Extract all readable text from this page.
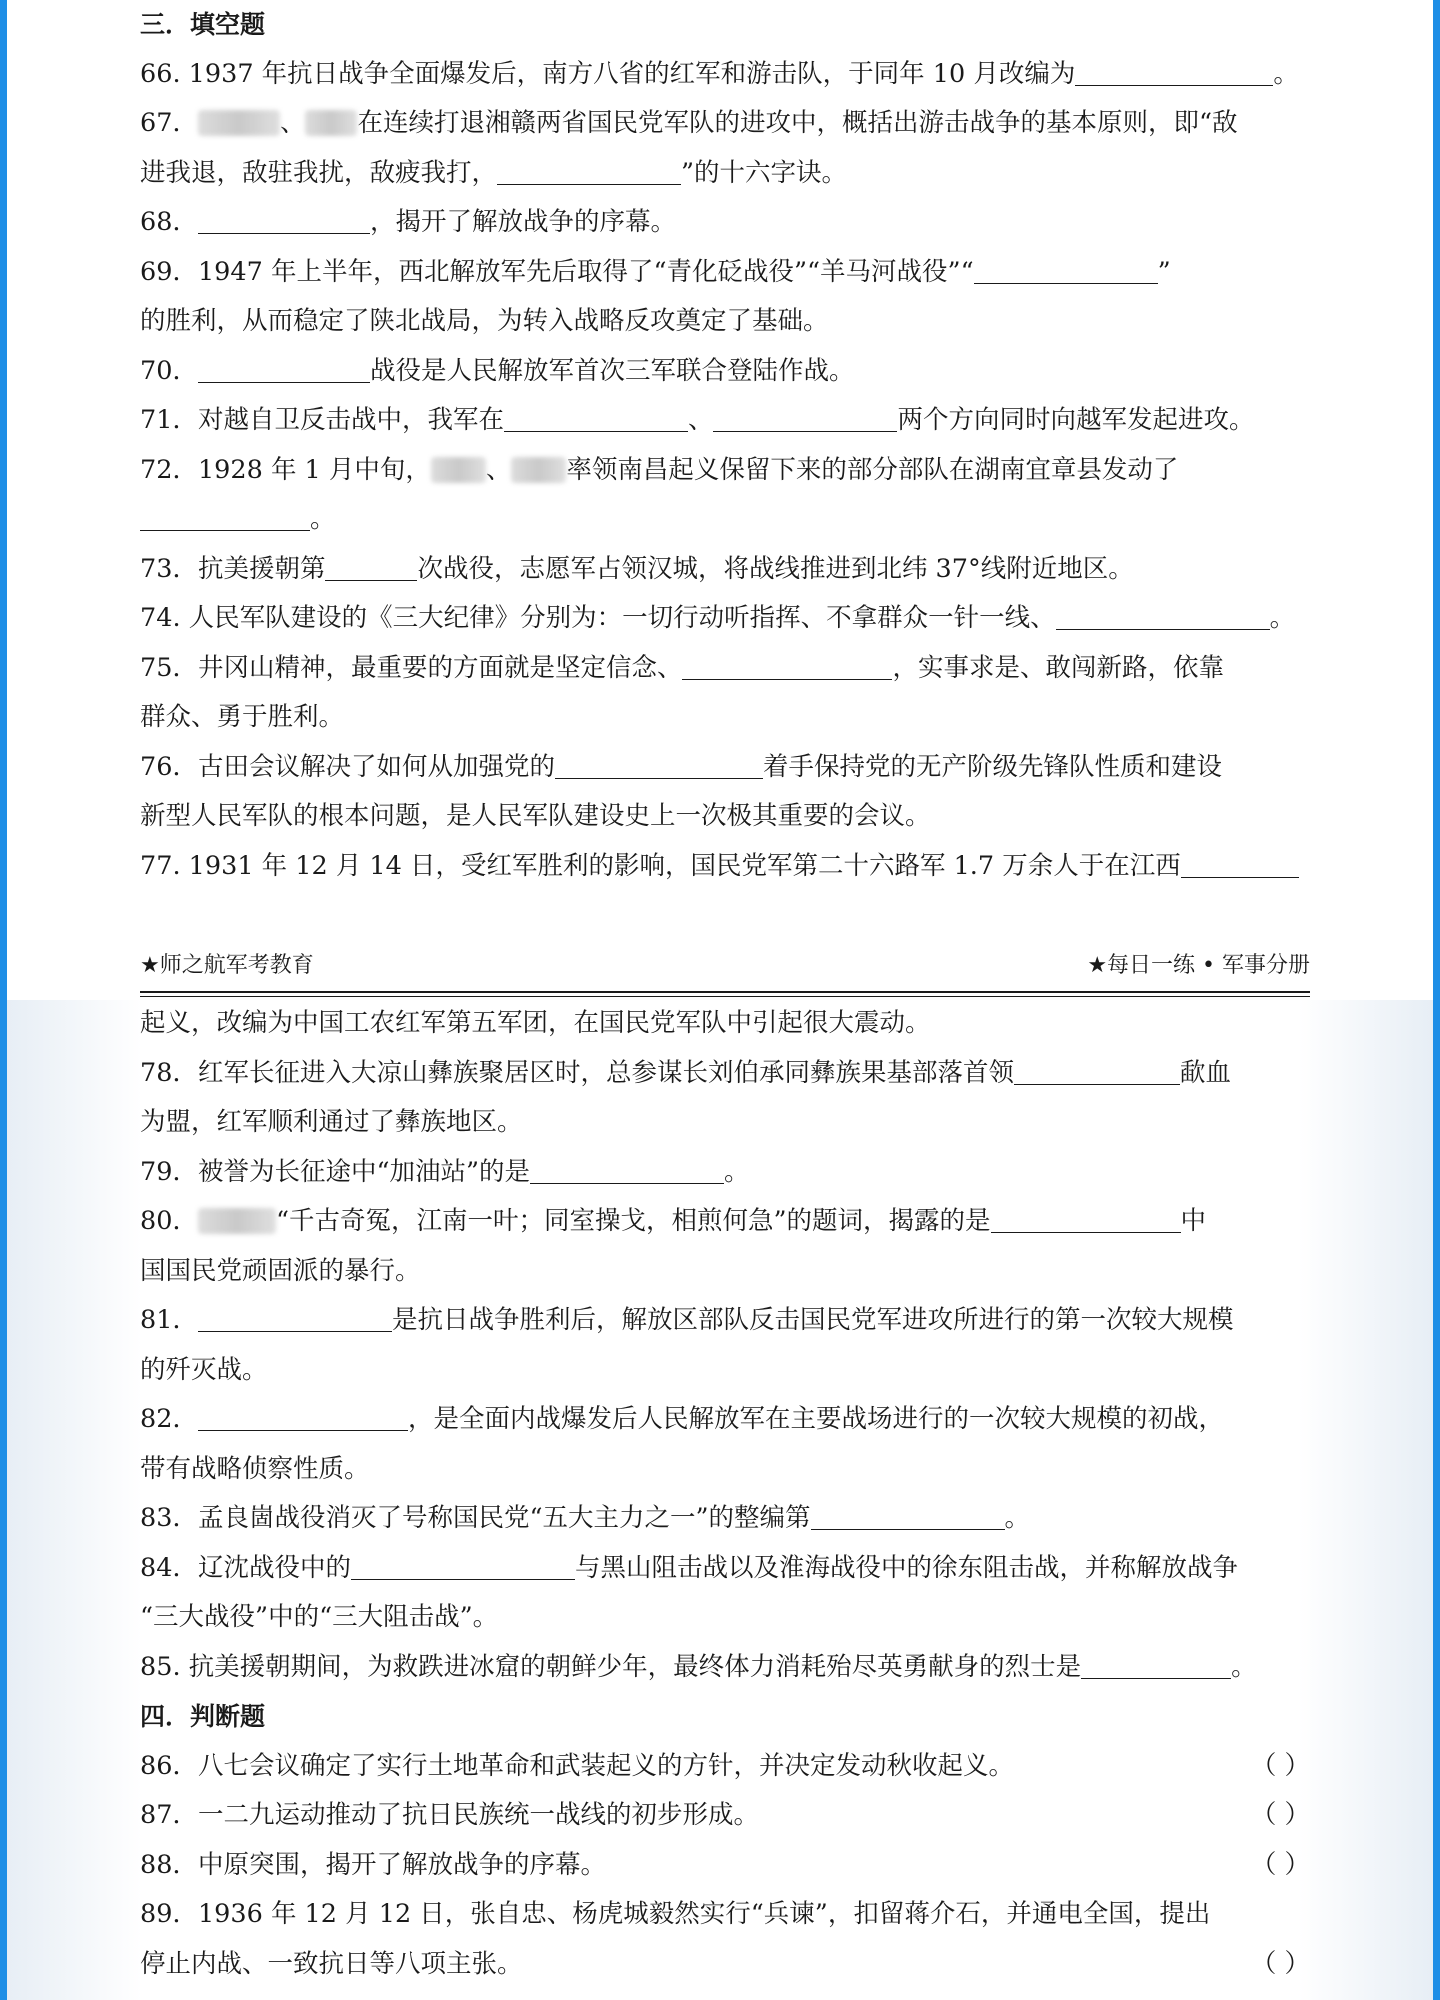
三．填空题
66. 1937 年抗日战争全面爆发后，南方八省的红军和游击队，于同年 10 月改编为	。
67．	、 在连续打退湘赣两省国民党军队的进攻中，概括出游击战争的基本原则，即“敌
进我退，敌驻我扰，敌疲我打，	”的十六字诀。
68．	，揭开了解放战争的序幕。
69．1947 年上半年，西北解放军先后取得了“青化砭战役”“羊马河战役”“	”
的胜利，从而稳定了陕北战局，为转入战略反攻奠定了基础。
70．	战役是人民解放军首次三军联合登陆作战。
71．对越自卫反击战中，我军在	、	两个方向同时向越军发起进攻。
72．1928 年 1 月中旬， 、 率领南昌起义保留下来的部分部队在湖南宜章县发动了
。
73．抗美援朝第	次战役，志愿军占领汉城，将战线推进到北纬 37°线附近地区。
74. 人民军队建设的《三大纪律》分别为：一切行动听指挥、不拿群众一针一线、	。
75．井冈山精神，最重要的方面就是坚定信念、	，实事求是、敢闯新路，依靠
群众、勇于胜利。
76．古田会议解决了如何从加强党的	着手保持党的无产阶级先锋队性质和建设
新型人民军队的根本问题，是人民军队建设史上一次极其重要的会议。
77. 1931 年 12 月 14 日，受红军胜利的影响，国民党军第二十六路军 1.7 万余人于在江西
★师之航军考教育	★每日一练 • 军事分册
起义，改编为中国工农红军第五军团，在国民党军队中引起很大震动。
78．红军长征进入大凉山彝族聚居区时，总参谋长刘伯承同彝族果基部落首领	歃血
为盟，红军顺利通过了彝族地区。
79．被誉为长征途中“加油站”的是	。
80．	“千古奇冤，江南一叶；同室操戈，相煎何急”的题词，揭露的是	中
国国民党顽固派的暴行。
81．	是抗日战争胜利后，解放区部队反击国民党军进攻所进行的第一次较大规模
的歼灭战。
82．	，是全面内战爆发后人民解放军在主要战场进行的一次较大规模的初战，
带有战略侦察性质。
83．孟良崮战役消灭了号称国民党“五大主力之一”的整编第	。
84．辽沈战役中的	与黑山阻击战以及淮海战役中的徐东阻击战，并称解放战争
“三大战役”中的“三大阻击战”。
85. 抗美援朝期间，为救跌进冰窟的朝鲜少年，最终体力消耗殆尽英勇献身的烈士是	。
四．判断题
86．八七会议确定了实行土地革命和武装起义的方针，并决定发动秋收起义。	（ ）
87．一二九运动推动了抗日民族统一战线的初步形成。	（ ）
88．中原突围，揭开了解放战争的序幕。	（ ）
89．1936 年 12 月 12 日，张自忠、杨虎城毅然实行“兵谏”，扣留蒋介石，并通电全国，提出
停止内战、一致抗日等八项主张。	（ ）
